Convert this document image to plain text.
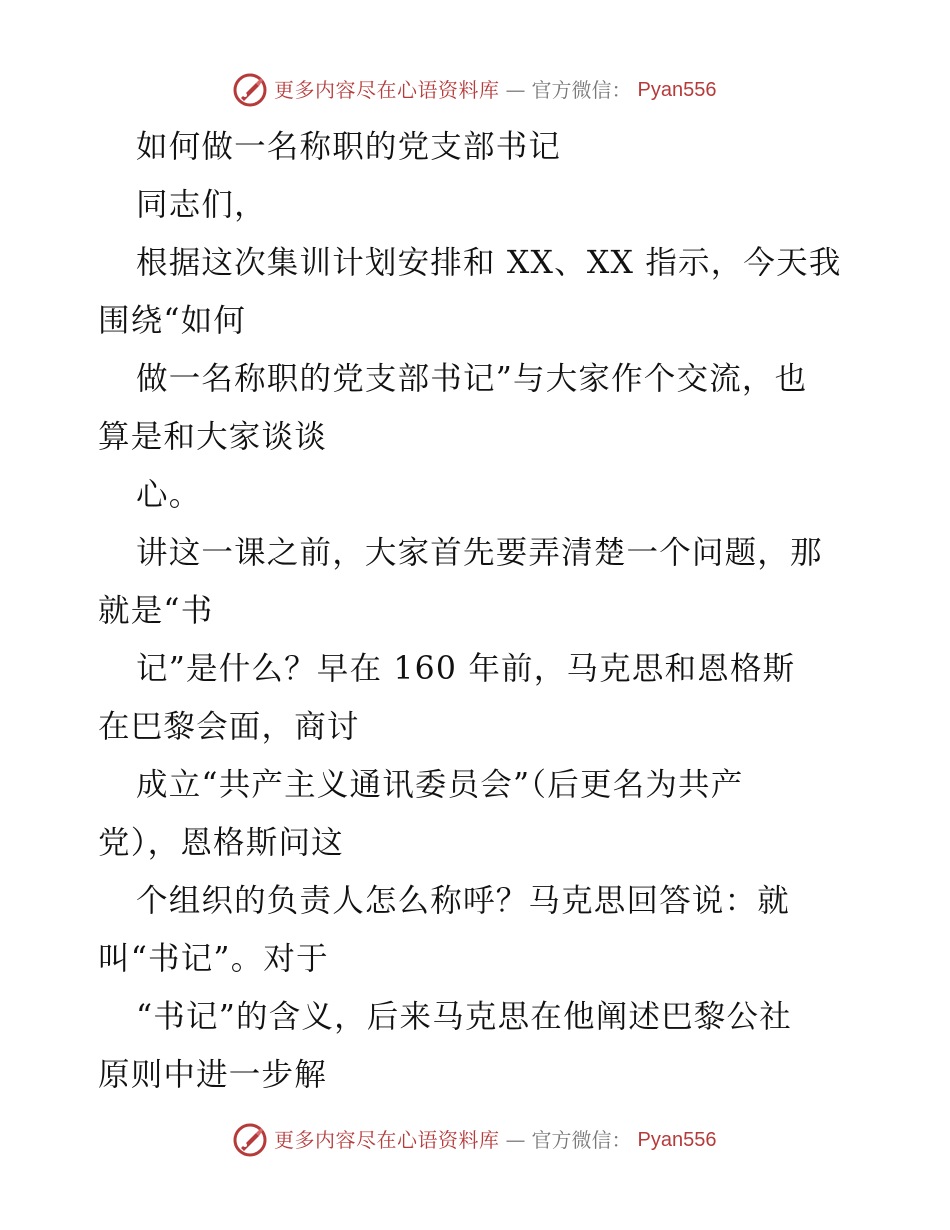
更多内容尽在心语资料库 — 官方微信： Pyan556
如何做一名称职的党支部书记
同志们，
根据这次集训计划安排和 XX、XX 指示，今天我
围绕“如何
做一名称职的党支部书记”与大家作个交流，也
算是和大家谈谈
心。
讲这一课之前，大家首先要弄清楚一个问题，那
就是“书
记”是什么？早在 160 年前，马克思和恩格斯
在巴黎会面，商讨
成立“共产主义通讯委员会”（后更名为共产
党），恩格斯问这
个组织的负责人怎么称呼？马克思回答说：就
叫“书记”。对于
“书记”的含义，后来马克思在他阐述巴黎公社
原则中进一步解
更多内容尽在心语资料库 — 官方微信： Pyan556
